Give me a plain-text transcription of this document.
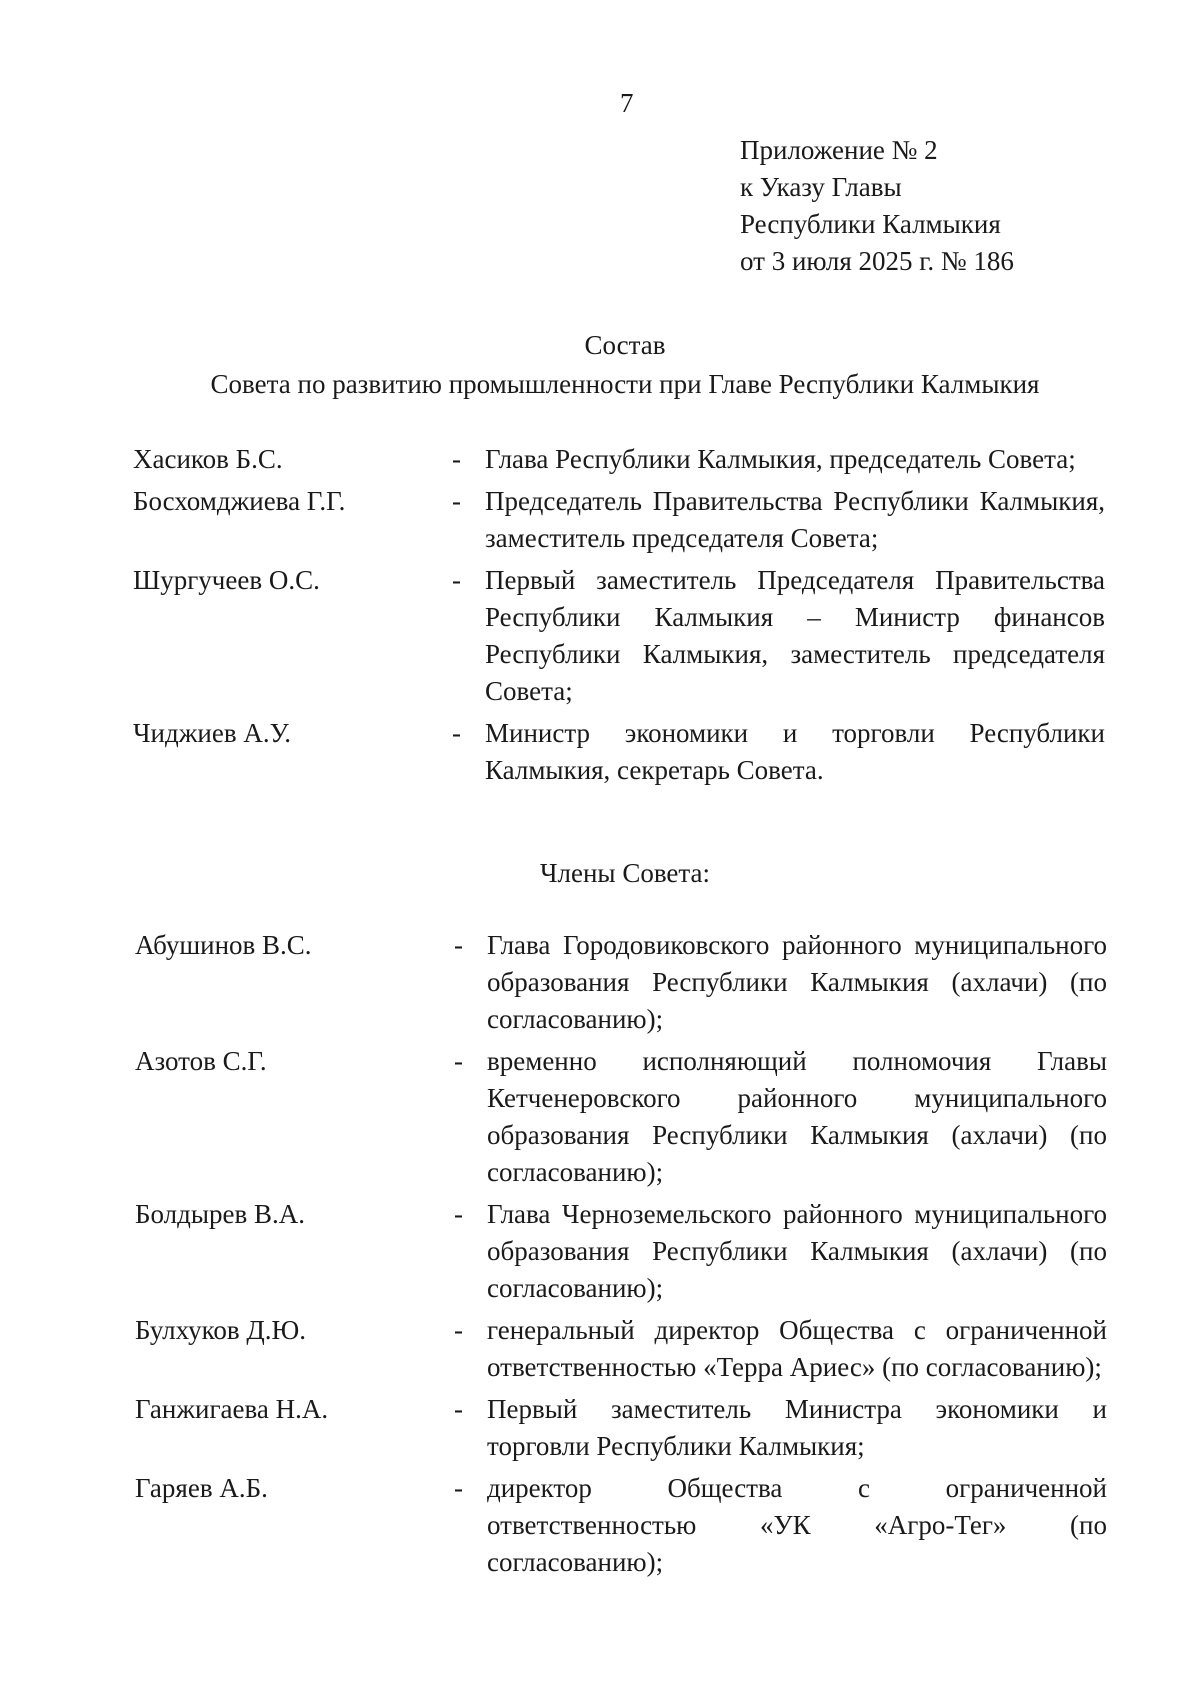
7
Приложение № 2
к Указу Главы
Республики Калмыкия
от 3 июля 2025 г. № 186
Состав
Совета по развитию промышленности при Главе Республики Калмыкия
Хасиков Б.С.	- Глава Республики Калмыкия, председатель Совета;
Босхомджиева Г.Г.	- Председатель Правительства Республики Калмыкия, заместитель председателя Совета;
Шургучеев О.С.	- Первый заместитель Председателя Правительства Республики Калмыкия – Министр финансов Республики Калмыкия, заместитель председателя Совета;
Чиджиев А.У.	- Министр экономики и торговли Республики Калмыкия, секретарь Совета.
Члены Совета:
Абушинов В.С.	- Глава Городовиковского районного муниципального образования Республики Калмыкия (ахлачи) (по согласованию);
Азотов С.Г.	- временно исполняющий полномочия Главы Кетченеровского районного муниципального образования Республики Калмыкия (ахлачи) (по согласованию);
Болдырев В.А.	- Глава Черноземельского районного муниципального образования Республики Калмыкия (ахлачи) (по согласованию);
Булхуков Д.Ю.	- генеральный директор Общества с ограниченной ответственностью «Терра Ариес» (по согласованию);
Ганжигаева Н.А.	- Первый заместитель Министра экономики и торговли Республики Калмыкия;
Гаряев А.Б.	- директор Общества с ограниченной ответственностью «УК «Агро-Тег» (по согласованию);
